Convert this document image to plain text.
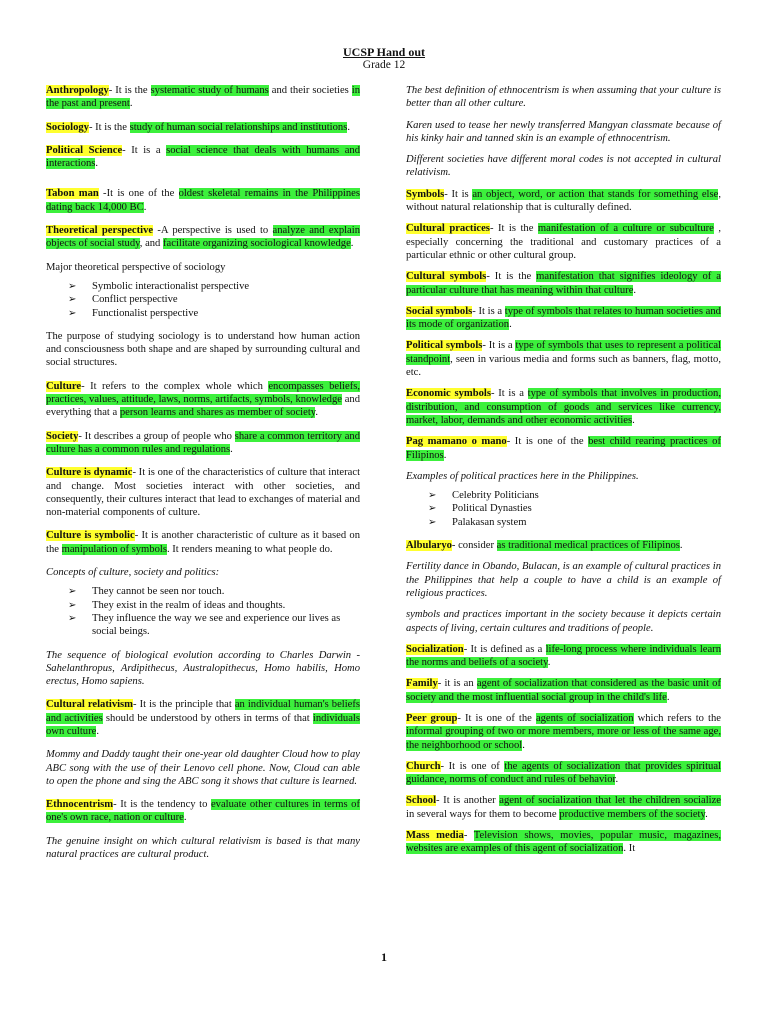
UCSP Hand out
Grade 12

Anthropology- It is the systematic study of humans and their societies in the past and present.

Sociology- It is the study of human social relationships and institutions.

Political Science- It is a social science that deals with humans and interactions.

Tabon man -It is one of the oldest skeletal remains in the Philippines dating back 14,000 BC.

Theoretical perspective -A perspective is used to analyze and explain objects of social study, and facilitate organizing sociological knowledge.

Major theoretical perspective of sociology

➢ Symbolic interactionalist perspective
➢ Conflict perspective
➢ Functionalist perspective

The purpose of studying sociology is to understand how human action and consciousness both shape and are shaped by surrounding cultural and social structures.

Culture- It refers to the complex whole which encompasses beliefs, practices, values, attitude, laws, norms, artifacts, symbols, knowledge and everything that a person learns and shares as member of society.

Society- It describes a group of people who share a common territory and culture has a common rules and regulations.

Culture is dynamic- It is one of the characteristics of culture that interact and change. Most societies interact with other societies, and consequently, their cultures interact that lead to exchanges of material and non-material components of culture.

Culture is symbolic- It is another characteristic of culture as it based on the manipulation of symbols. It renders meaning to what people do.

Concepts of culture, society and politics:

➢ They cannot be seen nor touch.
➢ They exist in the realm of ideas and thoughts.
➢ They influence the way we see and experience our lives as social beings.

The sequence of biological evolution according to Charles Darwin - Sahelanthropus, Ardipithecus, Australopithecus, Homo habilis, Homo erectus, Homo sapiens.

Cultural relativism- It is the principle that an individual human's beliefs and activities should be understood by others in terms of that individuals own culture.

Mommy and Daddy taught their one-year old daughter Cloud how to play ABC song with the use of their Lenovo cell phone. Now, Cloud can able to open the phone and sing the ABC song it shows that culture is learned.

Ethnocentrism- It is the tendency to evaluate other cultures in terms of one's own race, nation or culture.

The genuine insight on which cultural relativism is based is that many natural practices are cultural product.

The best definition of ethnocentrism is when assuming that your culture is better than all other culture.

Karen used to tease her newly transferred Mangyan classmate because of his kinky hair and tanned skin is an example of ethnocentrism.

Different societies have different moral codes is not accepted in cultural relativism.

Symbols- It is an object, word, or action that stands for something else, without natural relationship that is culturally defined.

Cultural practices- It is the manifestation of a culture or subculture , especially concerning the traditional and customary practices of a particular ethnic or other cultural group.

Cultural symbols- It is the manifestation that signifies ideology of a particular culture that has meaning within that culture.

Social symbols- It is a type of symbols that relates to human societies and its mode of organization.

Political symbols- It is a type of symbols that uses to represent a political standpoint, seen in various media and forms such as banners, flag, motto, etc.

Economic symbols- It is a type of symbols that involves in production, distribution, and consumption of goods and services like currency, market, labor, demands and other economic activities.

Pag mamano o mano- It is one of the best child rearing practices of Filipinos.

Examples of political practices here in the Philippines.

➢ Celebrity Politicians
➢ Political Dynasties
➢ Palakasan system

Albularyo- consider as traditional medical practices of Filipinos.

Fertility dance in Obando, Bulacan, is an example of cultural practices in the Philippines that help a couple to have a child is an example of religious practices.

symbols and practices important in the society because it depicts certain aspects of living, certain cultures and traditions of people.

Socialization- It is defined as a life-long process where individuals learn the norms and beliefs of a society.

Family- it is an agent of socialization that considered as the basic unit of society and the most influential social group in the child's life.

Peer group- It is one of the agents of socialization which refers to the informal grouping of two or more members, more or less of the same age, the neighborhood or school.

Church- It is one of the agents of socialization that provides spiritual guidance, norms of conduct and rules of behavior.

School- It is another agent of socialization that let the children socialize in several ways for them to become productive members of the society.

Mass media- Television shows, movies, popular music, magazines, websites are examples of this agent of socialization. It

1
